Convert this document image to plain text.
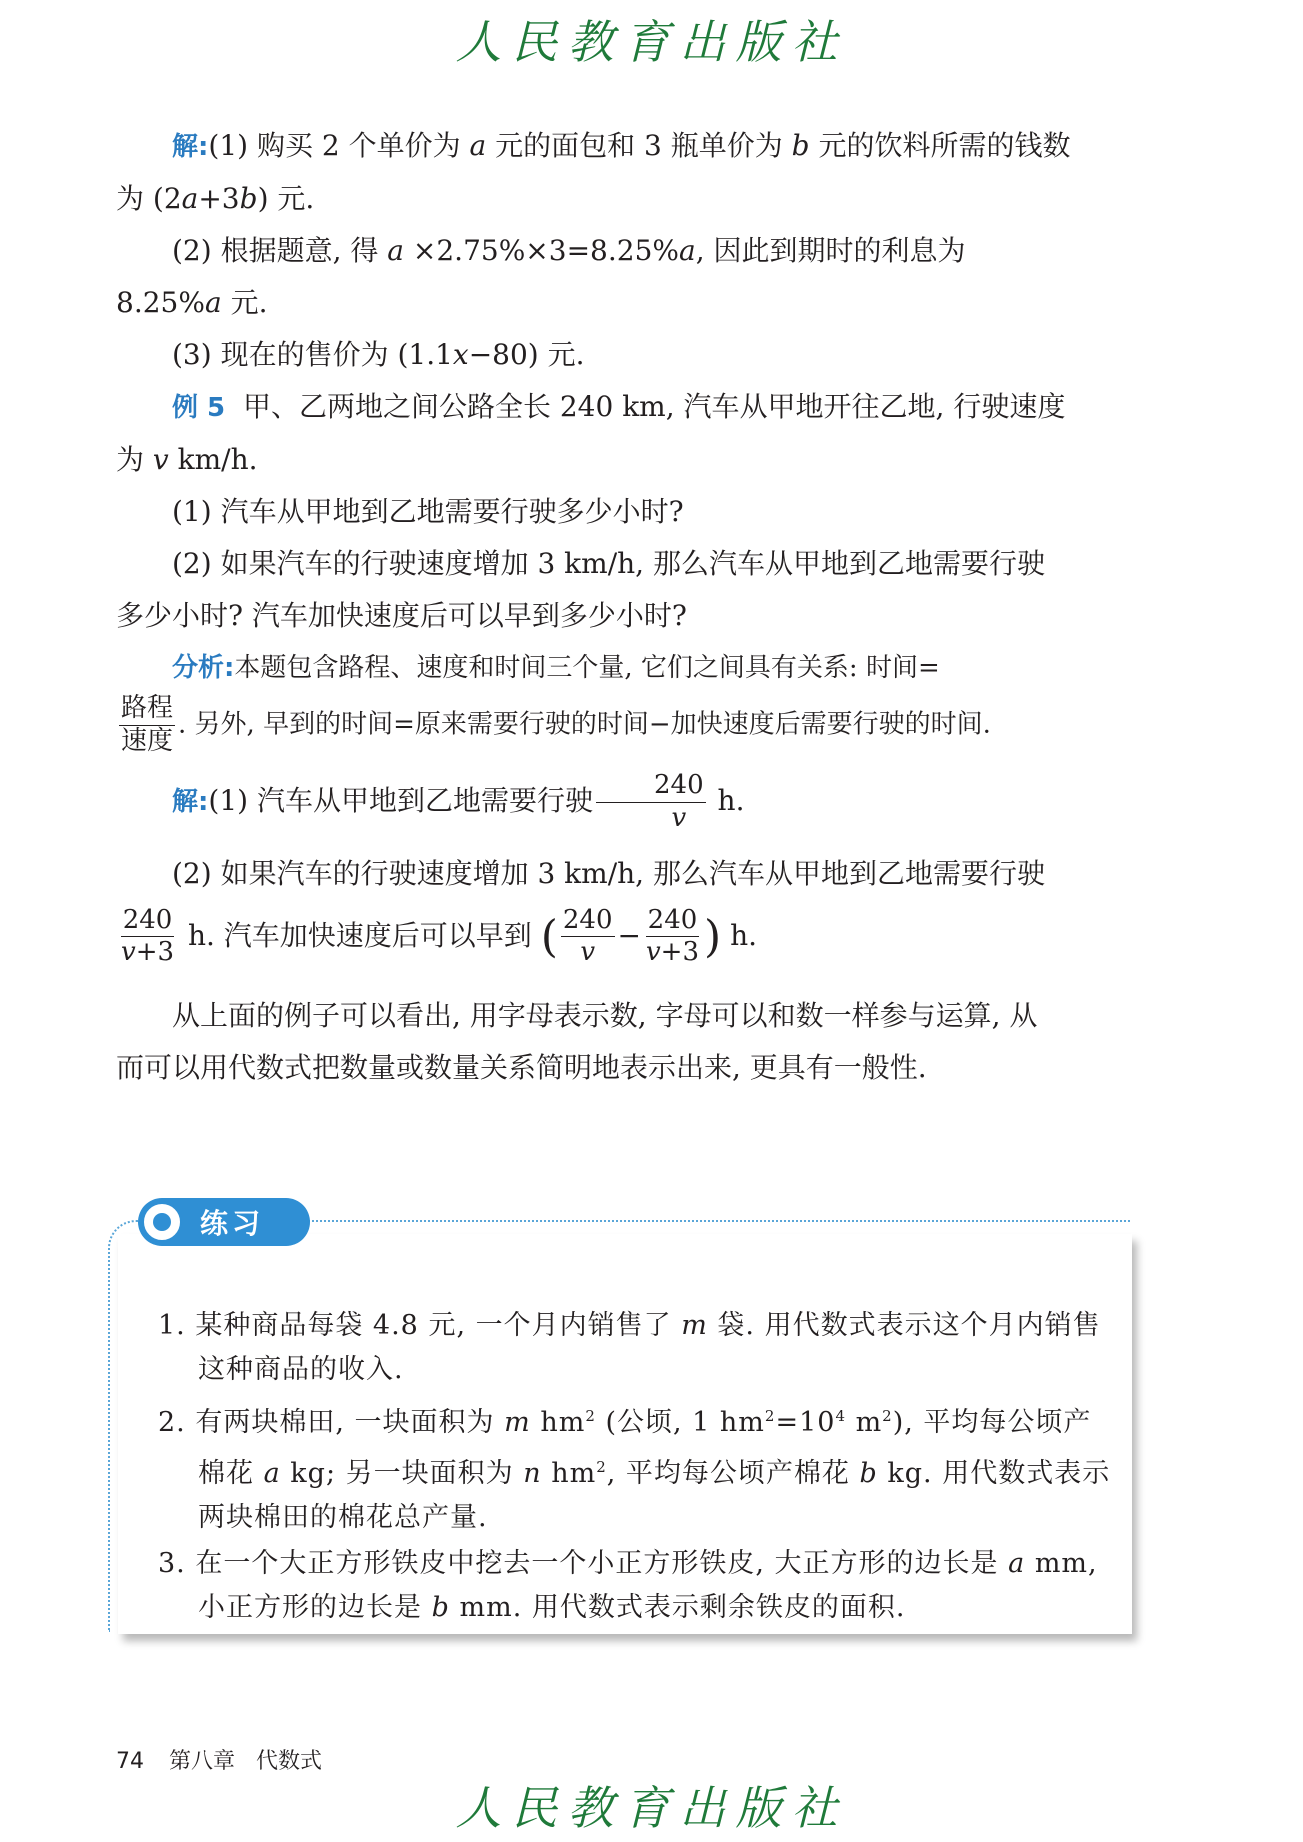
人民教育出版社

解:(1) 购买 2 个单价为 a 元的面包和 3 瓶单价为 b 元的饮料所需的钱数

为 (2a+3b) 元.

(2) 根据题意, 得 a ×2.75%×3=8.25%a, 因此到期时的利息为

8.25%a 元.

(3) 现在的售价为 (1.1x−80) 元.

例 5 甲、乙两地之间公路全长 240 km, 汽车从甲地开往乙地, 行驶速度

为 v km/h.

(1) 汽车从甲地到乙地需要行驶多少小时?

(2) 如果汽车的行驶速度增加 3 km/h, 那么汽车从甲地到乙地需要行驶

多少小时? 汽车加快速度后可以早到多少小时?

分析:本题包含路程、速度和时间三个量, 它们之间具有关系: 时间=

$\frac{\text{路程}}{\text{速度}}$ . 另外, 早到的时间=原来需要行驶的时间−加快速度后需要行驶的时间.

解:(1) 汽车从甲地到乙地需要行驶 $\frac{240}{v} h$.

(2) 如果汽车的行驶速度增加 3 km/h, 那么汽车从甲地到乙地需要行驶

$\frac{240}{v+3} h$. 汽车加快速度后可以早到 ( $\frac{240}{v} - \frac{240}{v+3}$ ) h.

从上面的例子可以看出, 用字母表示数, 字母可以和数一样参与运算, 从

而可以用代数式把数量或数量关系简明地表示出来, 更具有一般性.

1. 某种商品每袋 4.8 元, 一个月内销售了 m 袋. 用代数式表示这个月内销售这种商品的收入.
2. 有两块棉田, 一块面积为 m $hm^2$ (公顷, 1 $hm^2=10^4$ $m^2$), 平均每公顷产棉花 a kg; 另一块面积为 n $hm^2$, 平均每公顷产棉花 b kg. 用代数式表示两块棉田的棉花总产量.
3. 在一个大正方形铁皮中挖去一个小正方形铁皮, 大正方形的边长是 a mm, 小正方形的边长是 b mm. 用代数式表示剩余铁皮的面积.
练习
74 第八章 代数式
人民教育出版社
